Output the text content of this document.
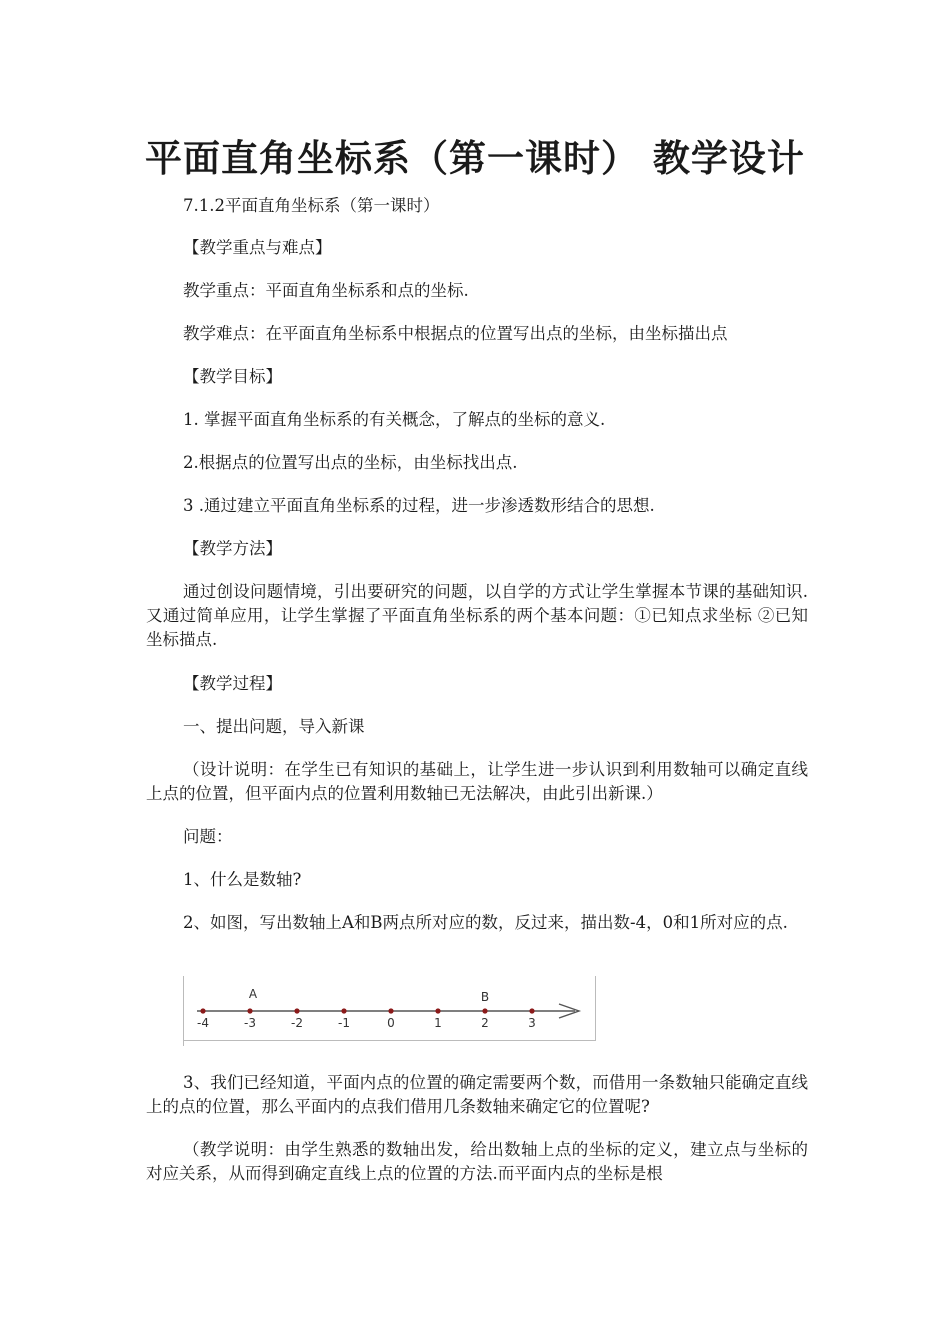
平面直角坐标系（第一课时） 教学设计

7.1.2平面直角坐标系（第一课时）

【教学重点与难点】

教学重点：平面直角坐标系和点的坐标.

教学难点：在平面直角坐标系中根据点的位置写出点的坐标，由坐标描出点

【教学目标】

1. 掌握平面直角坐标系的有关概念，了解点的坐标的意义.

2.根据点的位置写出点的坐标，由坐标找出点.

3 .通过建立平面直角坐标系的过程，进一步渗透数形结合的思想.

【教学方法】

通过创设问题情境，引出要研究的问题，以自学的方式让学生掌握本节课的基础知识.又通过简单应用，让学生掌握了平面直角坐标系的两个基本问题：①已知点求坐标 ②已知坐标描点.

【教学过程】

一、提出问题，导入新课

（设计说明：在学生已有知识的基础上，让学生进一步认识到利用数轴可以确定直线上点的位置，但平面内点的位置利用数轴已无法解决，由此引出新课.）

问题：

1、什么是数轴?

2、如图，写出数轴上A和B两点所对应的数，反过来，描出数-4，0和1所对应的点.

-4	-3	-2	-1	0	1	2	3
A	B

3、我们已经知道，平面内点的位置的确定需要两个数，而借用一条数轴只能确定直线上的点的位置，那么平面内的点我们借用几条数轴来确定它的位置呢?

（教学说明：由学生熟悉的数轴出发，给出数轴上点的坐标的定义，建立点与坐标的对应关系，从而得到确定直线上点的位置的方法.而平面内点的坐标是根
